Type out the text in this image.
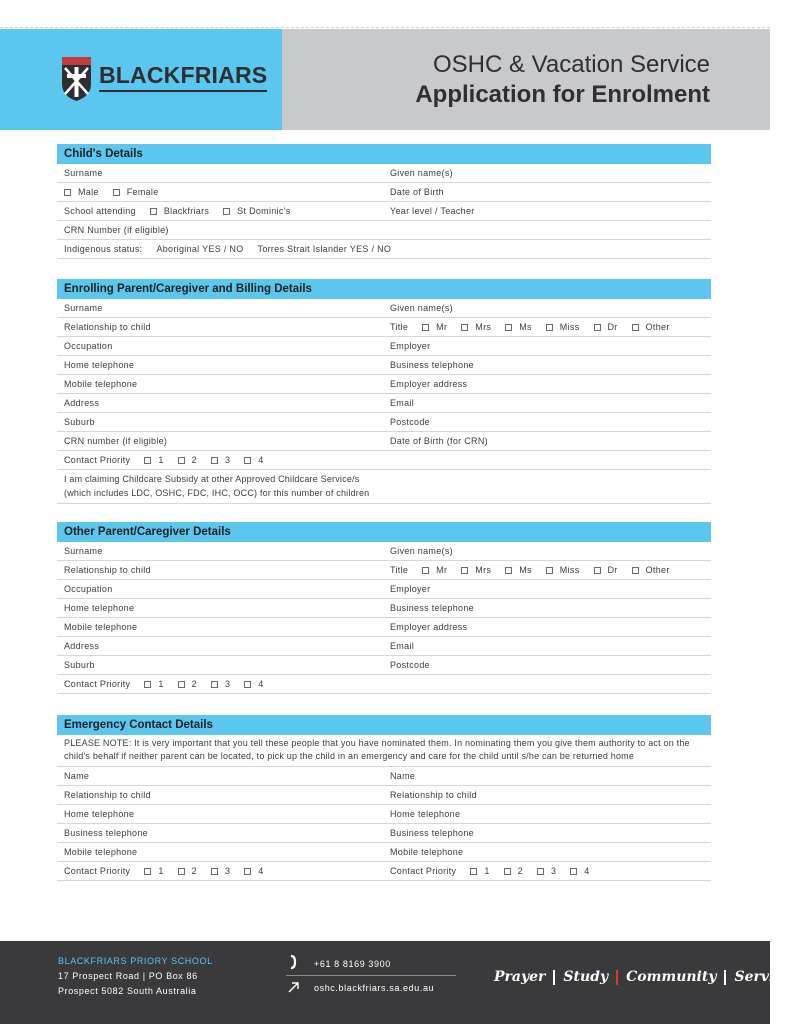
BLACKFRIARS	OSHC & Vacation Service
Application for Enrolment
Child's Details
Surname	Given name(s)
Male	Female	Date of Birth
School attending	Blackfriars	St Dominic's	Year level / Teacher
CRN Number (if eligible)
Indigenous status: Aboriginal YES / NO Torres Strait Islander YES / NO
Enrolling Parent/Caregiver and Billing Details
Surname	Given name(s)
Relationship to child	Title	Mr	Mrs	Ms	Miss	Dr	Other
Occupation	Employer
Home telephone	Business telephone
Mobile telephone	Employer address
Address	Email
Suburb	Postcode
CRN number (if eligible)	Date of Birth (for CRN)
Contact Priority	1	2	3	4
I am claiming Childcare Subsidy at other Approved Childcare Service/s
(which includes LDC, OSHC, FDC, IHC, OCC) for this number of children
Other Parent/Caregiver Details
Surname	Given name(s)
Relationship to child	Title	Mr	Mrs	Ms	Miss	Dr	Other
Occupation	Employer
Home telephone	Business telephone
Mobile telephone	Employer address
Address	Email
Suburb	Postcode
Contact Priority	1	2	3	4
Emergency Contact Details
PLEASE NOTE: It is very important that you tell these people that you have nominated them. In nominating them you give them authority to act on the child's behalf if neither parent can be located, to pick up the child in an emergency and care for the child until s/he can be returned home
Name	Name
Relationship to child	Relationship to child
Home telephone	Home telephone
Business telephone	Business telephone
Mobile telephone	Mobile telephone
Contact Priority	1	2	3	4	Contact Priority	1	2	3	4
BLACKFRIARS PRIORY SCHOOL
17 Prospect Road | PO Box 86
Prospect 5082 South Australia
+61 8 8169 3900
oshc.blackfriars.sa.edu.au
Prayer Study Community Service
